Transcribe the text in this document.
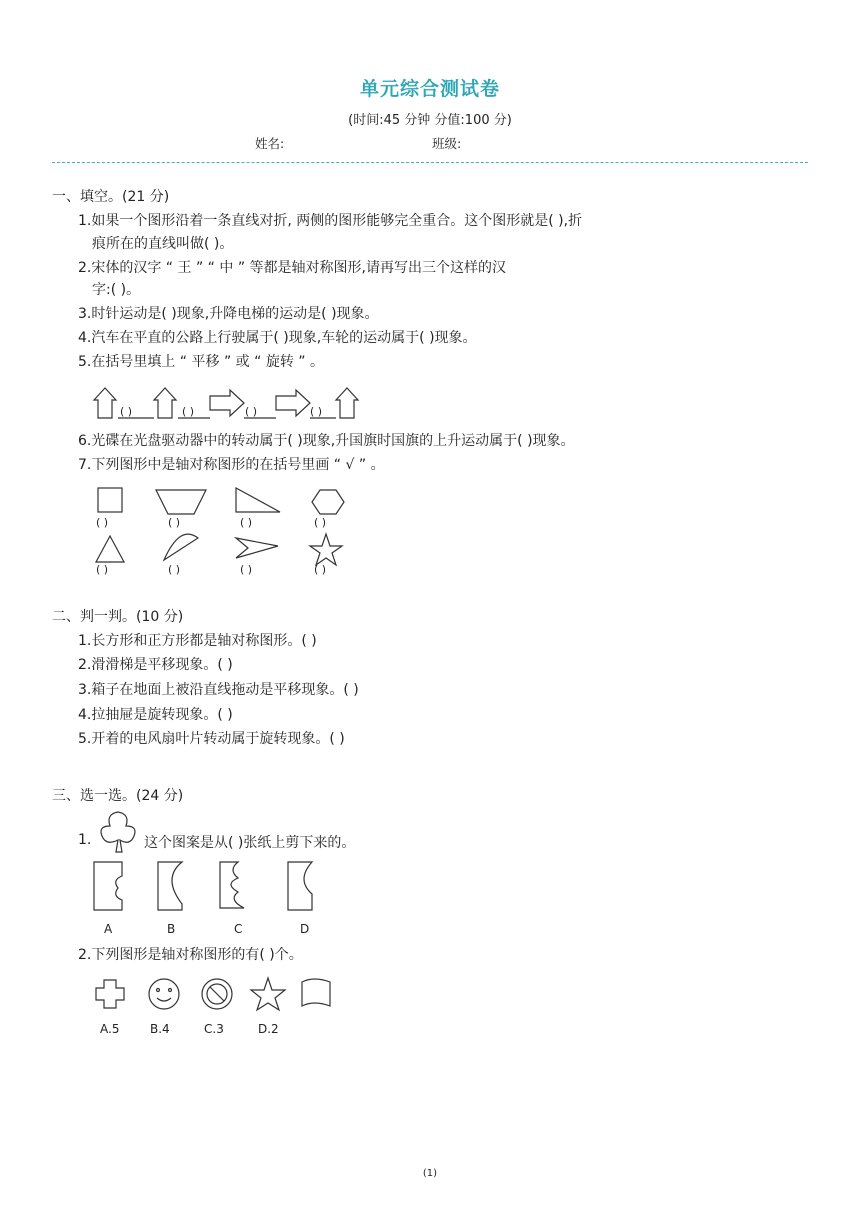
单元综合测试卷
(时间:45 分钟 分值:100 分)
姓名:	班级:
一、填空。(21 分)
1.如果一个图形沿着一条直线对折, 两侧的图形能够完全重合。这个图形就是( ),折
痕所在的直线叫做( )。
2.宋体的汉字 “ 王 ” “ 中 ” 等都是轴对称图形,请再写出三个这样的汉
字:( )。
3.时针运动是( )现象,升降电梯的运动是( )现象。
4.汽车在平直的公路上行驶属于( )现象,车轮的运动属于( )现象。
5.在括号里填上 “ 平移 ” 或 “ 旋转 ” 。
( )	( )	( )	( )
6.光碟在光盘驱动器中的转动属于( )现象,升国旗时国旗的上升运动属于( )现象。
7.下列图形中是轴对称图形的在括号里画 “ √ ” 。
( )	( )	( )	( )
( )	( )	( )	( )
二、判一判。(10 分)
1.长方形和正方形都是轴对称图形。( )
2.滑滑梯是平移现象。( )
3.箱子在地面上被沿直线拖动是平移现象。( )
4.拉抽屉是旋转现象。( )
5.开着的电风扇叶片转动属于旋转现象。( )
三、选一选。(24 分)
1.	这个图案是从( )张纸上剪下来的。
A	B	C	D
2.下列图形是轴对称图形的有( )个。
A.5	B.4	C.3	D.2
(1)
